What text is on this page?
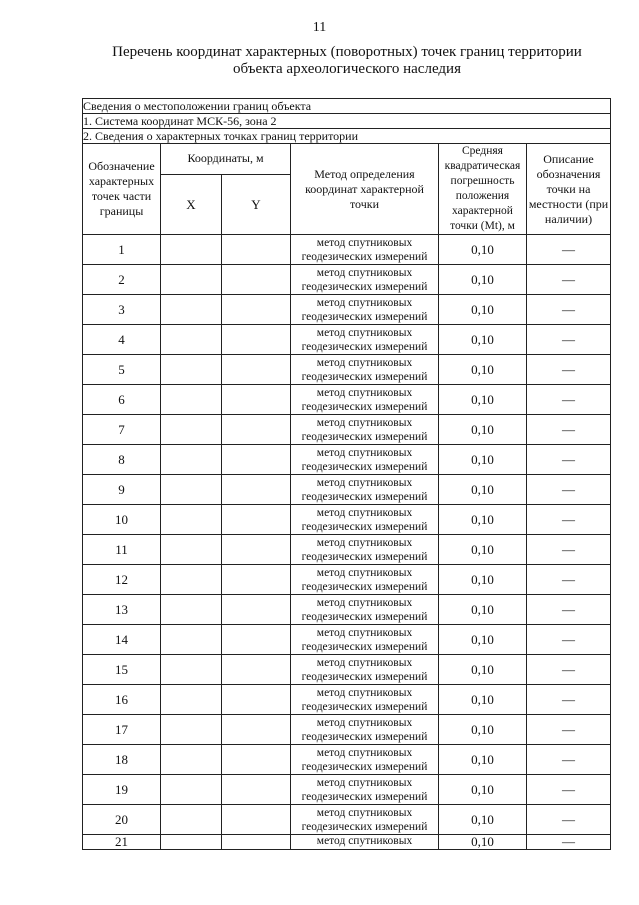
11
Перечень координат характерных (поворотных) точек границ территории
объекта археологического наследия
Сведения о местоположении границ объекта					
1. Система координат МСК-56, зона 2					
2. Сведения о характерных точках границ территории					
Обозначение характерных точек части границы	Координаты, м		Метод определения координат характерной точки	Средняя квадратическая погрешность положения характерной точки (Mt), м	Описание обозначения точки на местности (при наличии)
	X	Y			
1			метод спутниковых геодезических измерений	0,10	—
2			метод спутниковых геодезических измерений	0,10	—
3			метод спутниковых геодезических измерений	0,10	—
4			метод спутниковых геодезических измерений	0,10	—
5			метод спутниковых геодезических измерений	0,10	—
6			метод спутниковых геодезических измерений	0,10	—
7			метод спутниковых геодезических измерений	0,10	—
8			метод спутниковых геодезических измерений	0,10	—
9			метод спутниковых геодезических измерений	0,10	—
10			метод спутниковых геодезических измерений	0,10	—
11			метод спутниковых геодезических измерений	0,10	—
12			метод спутниковых геодезических измерений	0,10	—
13			метод спутниковых геодезических измерений	0,10	—
14			метод спутниковых геодезических измерений	0,10	—
15			метод спутниковых геодезических измерений	0,10	—
16			метод спутниковых геодезических измерений	0,10	—
17			метод спутниковых геодезических измерений	0,10	—
18			метод спутниковых геодезических измерений	0,10	—
19			метод спутниковых геодезических измерений	0,10	—
20			метод спутниковых геодезических измерений	0,10	—
21			метод спутниковых	0,10	—
